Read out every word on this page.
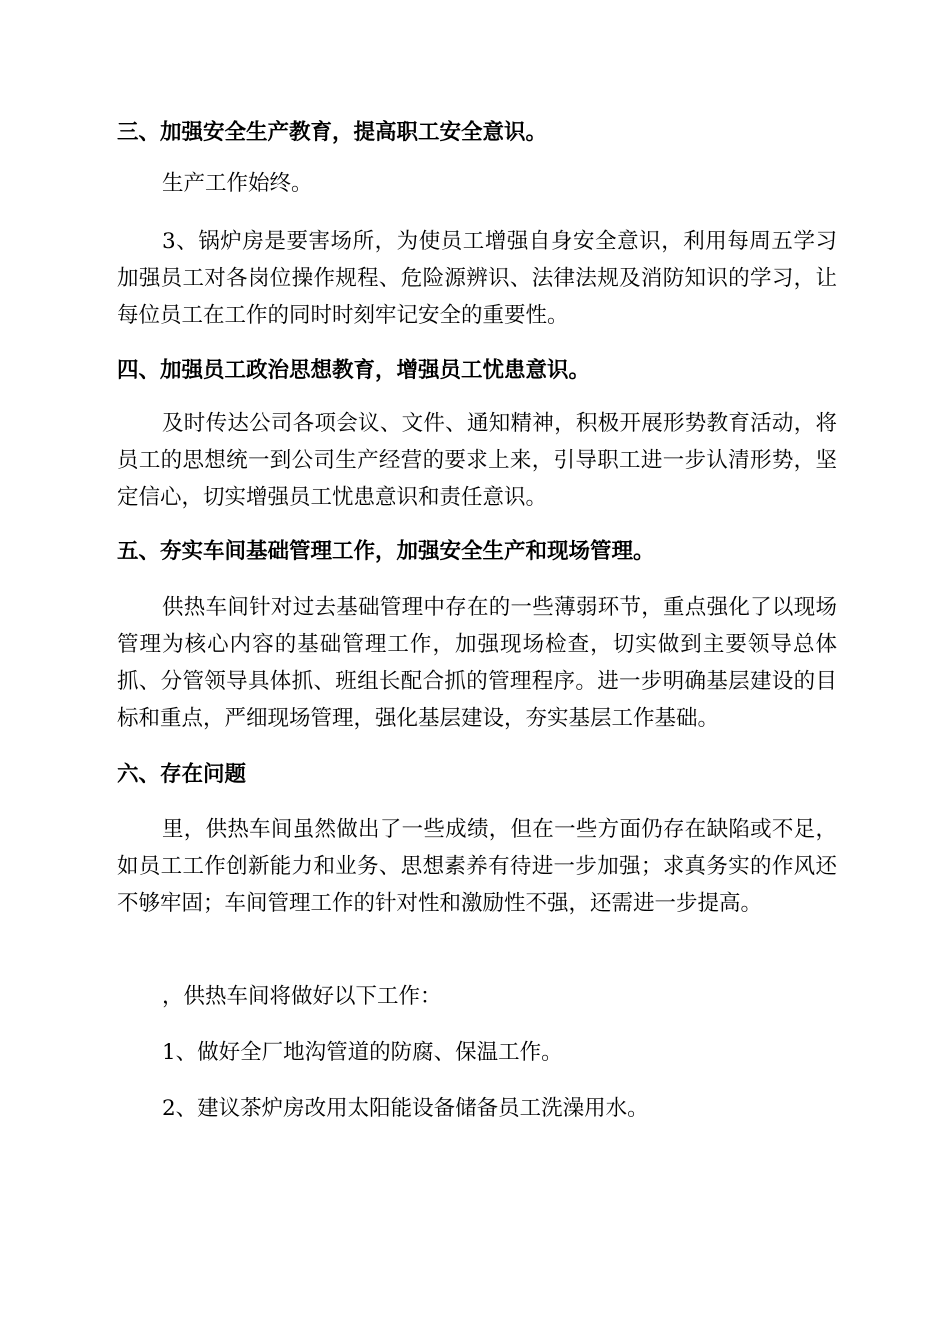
三、加强安全生产教育，提高职工安全意识。

生产工作始终。

3、锅炉房是要害场所，为使员工增强自身安全意识，利用每周五学习加强员工对各岗位操作规程、危险源辨识、法律法规及消防知识的学习，让每位员工在工作的同时时刻牢记安全的重要性。

四、加强员工政治思想教育，增强员工忧患意识。

及时传达公司各项会议、文件、通知精神，积极开展形势教育活动，将员工的思想统一到公司生产经营的要求上来，引导职工进一步认清形势，坚定信心，切实增强员工忧患意识和责任意识。

五、夯实车间基础管理工作，加强安全生产和现场管理。

供热车间针对过去基础管理中存在的一些薄弱环节，重点强化了以现场管理为核心内容的基础管理工作，加强现场检查，切实做到主要领导总体抓、分管领导具体抓、班组长配合抓的管理程序。进一步明确基层建设的目标和重点，严细现场管理，强化基层建设，夯实基层工作基础。

六、存在问题

里，供热车间虽然做出了一些成绩，但在一些方面仍存在缺陷或不足，如员工工作创新能力和业务、思想素养有待进一步加强；求真务实的作风还不够牢固；车间管理工作的针对性和激励性不强，还需进一步提高。

，供热车间将做好以下工作：

1、做好全厂地沟管道的防腐、保温工作。

2、建议茶炉房改用太阳能设备储备员工洗澡用水。
